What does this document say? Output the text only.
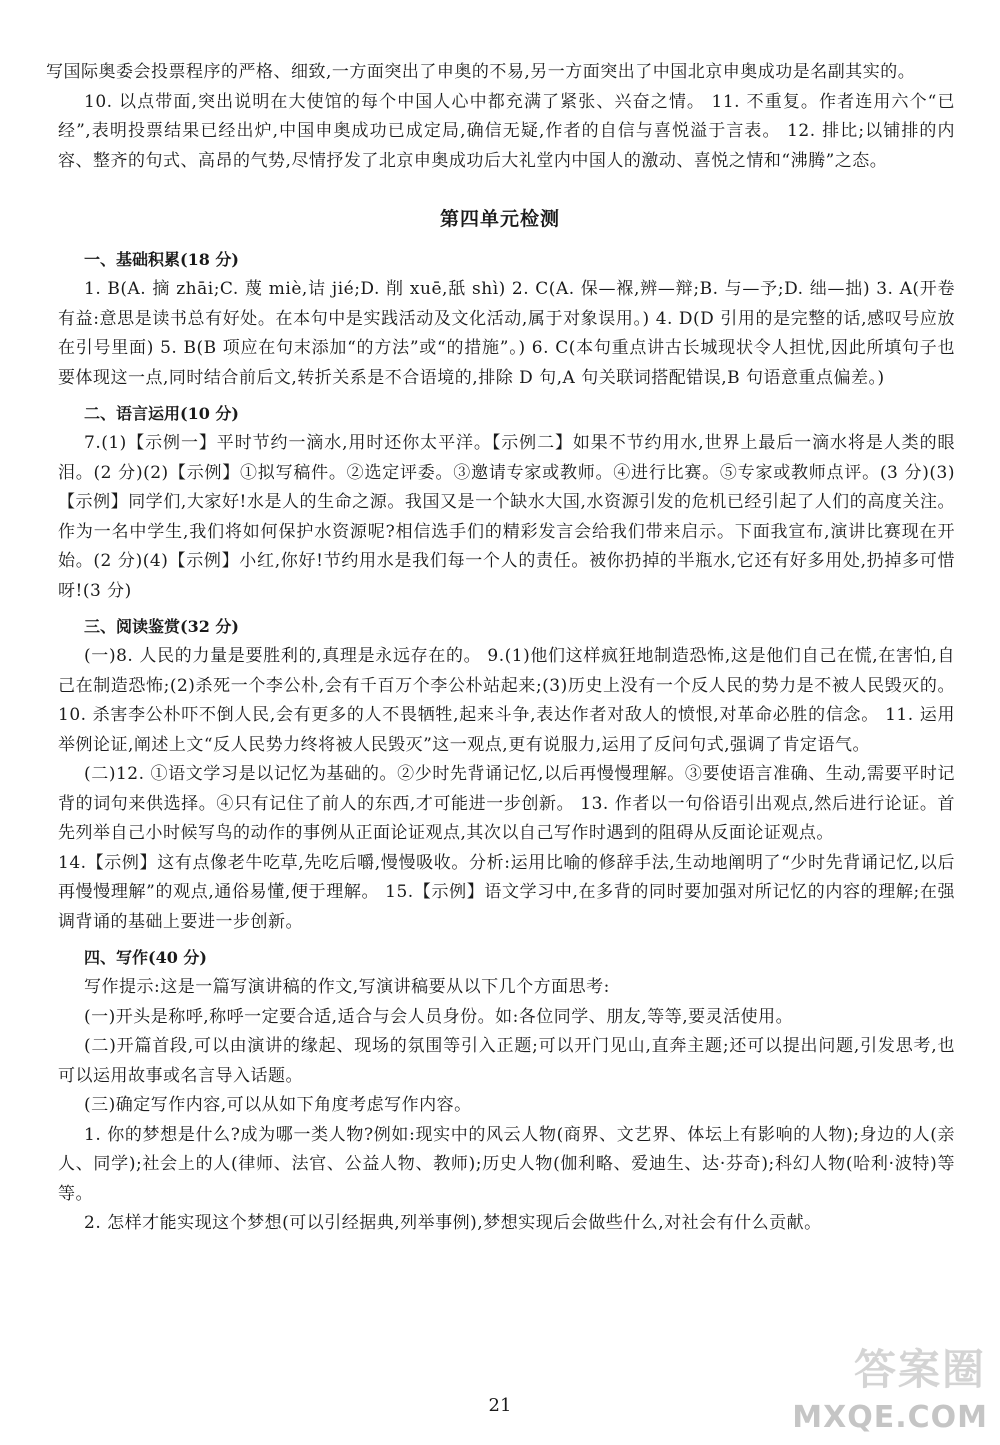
写国际奥委会投票程序的严格、细致,一方面突出了申奥的不易,另一方面突出了中国北京申奥成功是名副其实的。

10. 以点带面,突出说明在大使馆的每个中国人心中都充满了紧张、兴奋之情。 11. 不重复。作者连用六个“已经”,表明投票结果已经出炉,中国申奥成功已成定局,确信无疑,作者的自信与喜悦溢于言表。 12. 排比;以铺排的内容、整齐的句式、高昂的气势,尽情抒发了北京申奥成功后大礼堂内中国人的激动、喜悦之情和“沸腾”之态。

第四单元检测
一、基础积累(18 分)

1. B(A. 摘 zhāi;C. 蔑 miè,诘 jié;D. 削 xuē,舐 shì) 2. C(A. 保—褓,辨—辩;B. 与—予;D. 绌—拙) 3. A(开卷有益:意思是读书总有好处。在本句中是实践活动及文化活动,属于对象误用。) 4. D(D 引用的是完整的话,感叹号应放在引号里面) 5. B(B 项应在句末添加“的方法”或“的措施”。) 6. C(本句重点讲古长城现状令人担忧,因此所填句子也要体现这一点,同时结合前后文,转折关系是不合语境的,排除 D 句,A 句关联词搭配错误,B 句语意重点偏差。)

二、语言运用(10 分)

7.(1)【示例一】平时节约一滴水,用时还你太平洋。【示例二】如果不节约用水,世界上最后一滴水将是人类的眼泪。(2 分)(2)【示例】①拟写稿件。②选定评委。③邀请专家或教师。④进行比赛。⑤专家或教师点评。(3 分)(3)【示例】同学们,大家好!水是人的生命之源。我国又是一个缺水大国,水资源引发的危机已经引起了人们的高度关注。作为一名中学生,我们将如何保护水资源呢?相信选手们的精彩发言会给我们带来启示。下面我宣布,演讲比赛现在开始。(2 分)(4)【示例】小红,你好!节约用水是我们每一个人的责任。被你扔掉的半瓶水,它还有好多用处,扔掉多可惜呀!(3 分)

三、阅读鉴赏(32 分)

(一)8. 人民的力量是要胜利的,真理是永远存在的。 9.(1)他们这样疯狂地制造恐怖,这是他们自己在慌,在害怕,自己在制造恐怖;(2)杀死一个李公朴,会有千百万个李公朴站起来;(3)历史上没有一个反人民的势力是不被人民毁灭的。 10. 杀害李公朴吓不倒人民,会有更多的人不畏牺牲,起来斗争,表达作者对敌人的愤恨,对革命必胜的信念。 11. 运用举例论证,阐述上文“反人民势力终将被人民毁灭”这一观点,更有说服力,运用了反问句式,强调了肯定语气。

(二)12. ①语文学习是以记忆为基础的。②少时先背诵记忆,以后再慢慢理解。③要使语言准确、生动,需要平时记背的词句来供选择。④只有记住了前人的东西,才可能进一步创新。 13. 作者以一句俗语引出观点,然后进行论证。首先列举自己小时候写鸟的动作的事例从正面论证观点,其次以自己写作时遇到的阻碍从反面论证观点。

14.【示例】这有点像老牛吃草,先吃后嚼,慢慢吸收。分析:运用比喻的修辞手法,生动地阐明了“少时先背诵记忆,以后再慢慢理解”的观点,通俗易懂,便于理解。 15.【示例】语文学习中,在多背的同时要加强对所记忆的内容的理解;在强调背诵的基础上要进一步创新。

四、写作(40 分)

写作提示:这是一篇写演讲稿的作文,写演讲稿要从以下几个方面思考:

(一)开头是称呼,称呼一定要合适,适合与会人员身份。如:各位同学、朋友,等等,要灵活使用。

(二)开篇首段,可以由演讲的缘起、现场的氛围等引入正题;可以开门见山,直奔主题;还可以提出问题,引发思考,也可以运用故事或名言导入话题。

(三)确定写作内容,可以从如下角度考虑写作内容。

1. 你的梦想是什么?成为哪一类人物?例如:现实中的风云人物(商界、文艺界、体坛上有影响的人物);身边的人(亲人、同学);社会上的人(律师、法官、公益人物、教师);历史人物(伽利略、爱迪生、达·芬奇);科幻人物(哈利·波特)等等。

2. 怎样才能实现这个梦想(可以引经据典,列举事例),梦想实现后会做些什么,对社会有什么贡献。

21
答案圈
MXQE.COM
